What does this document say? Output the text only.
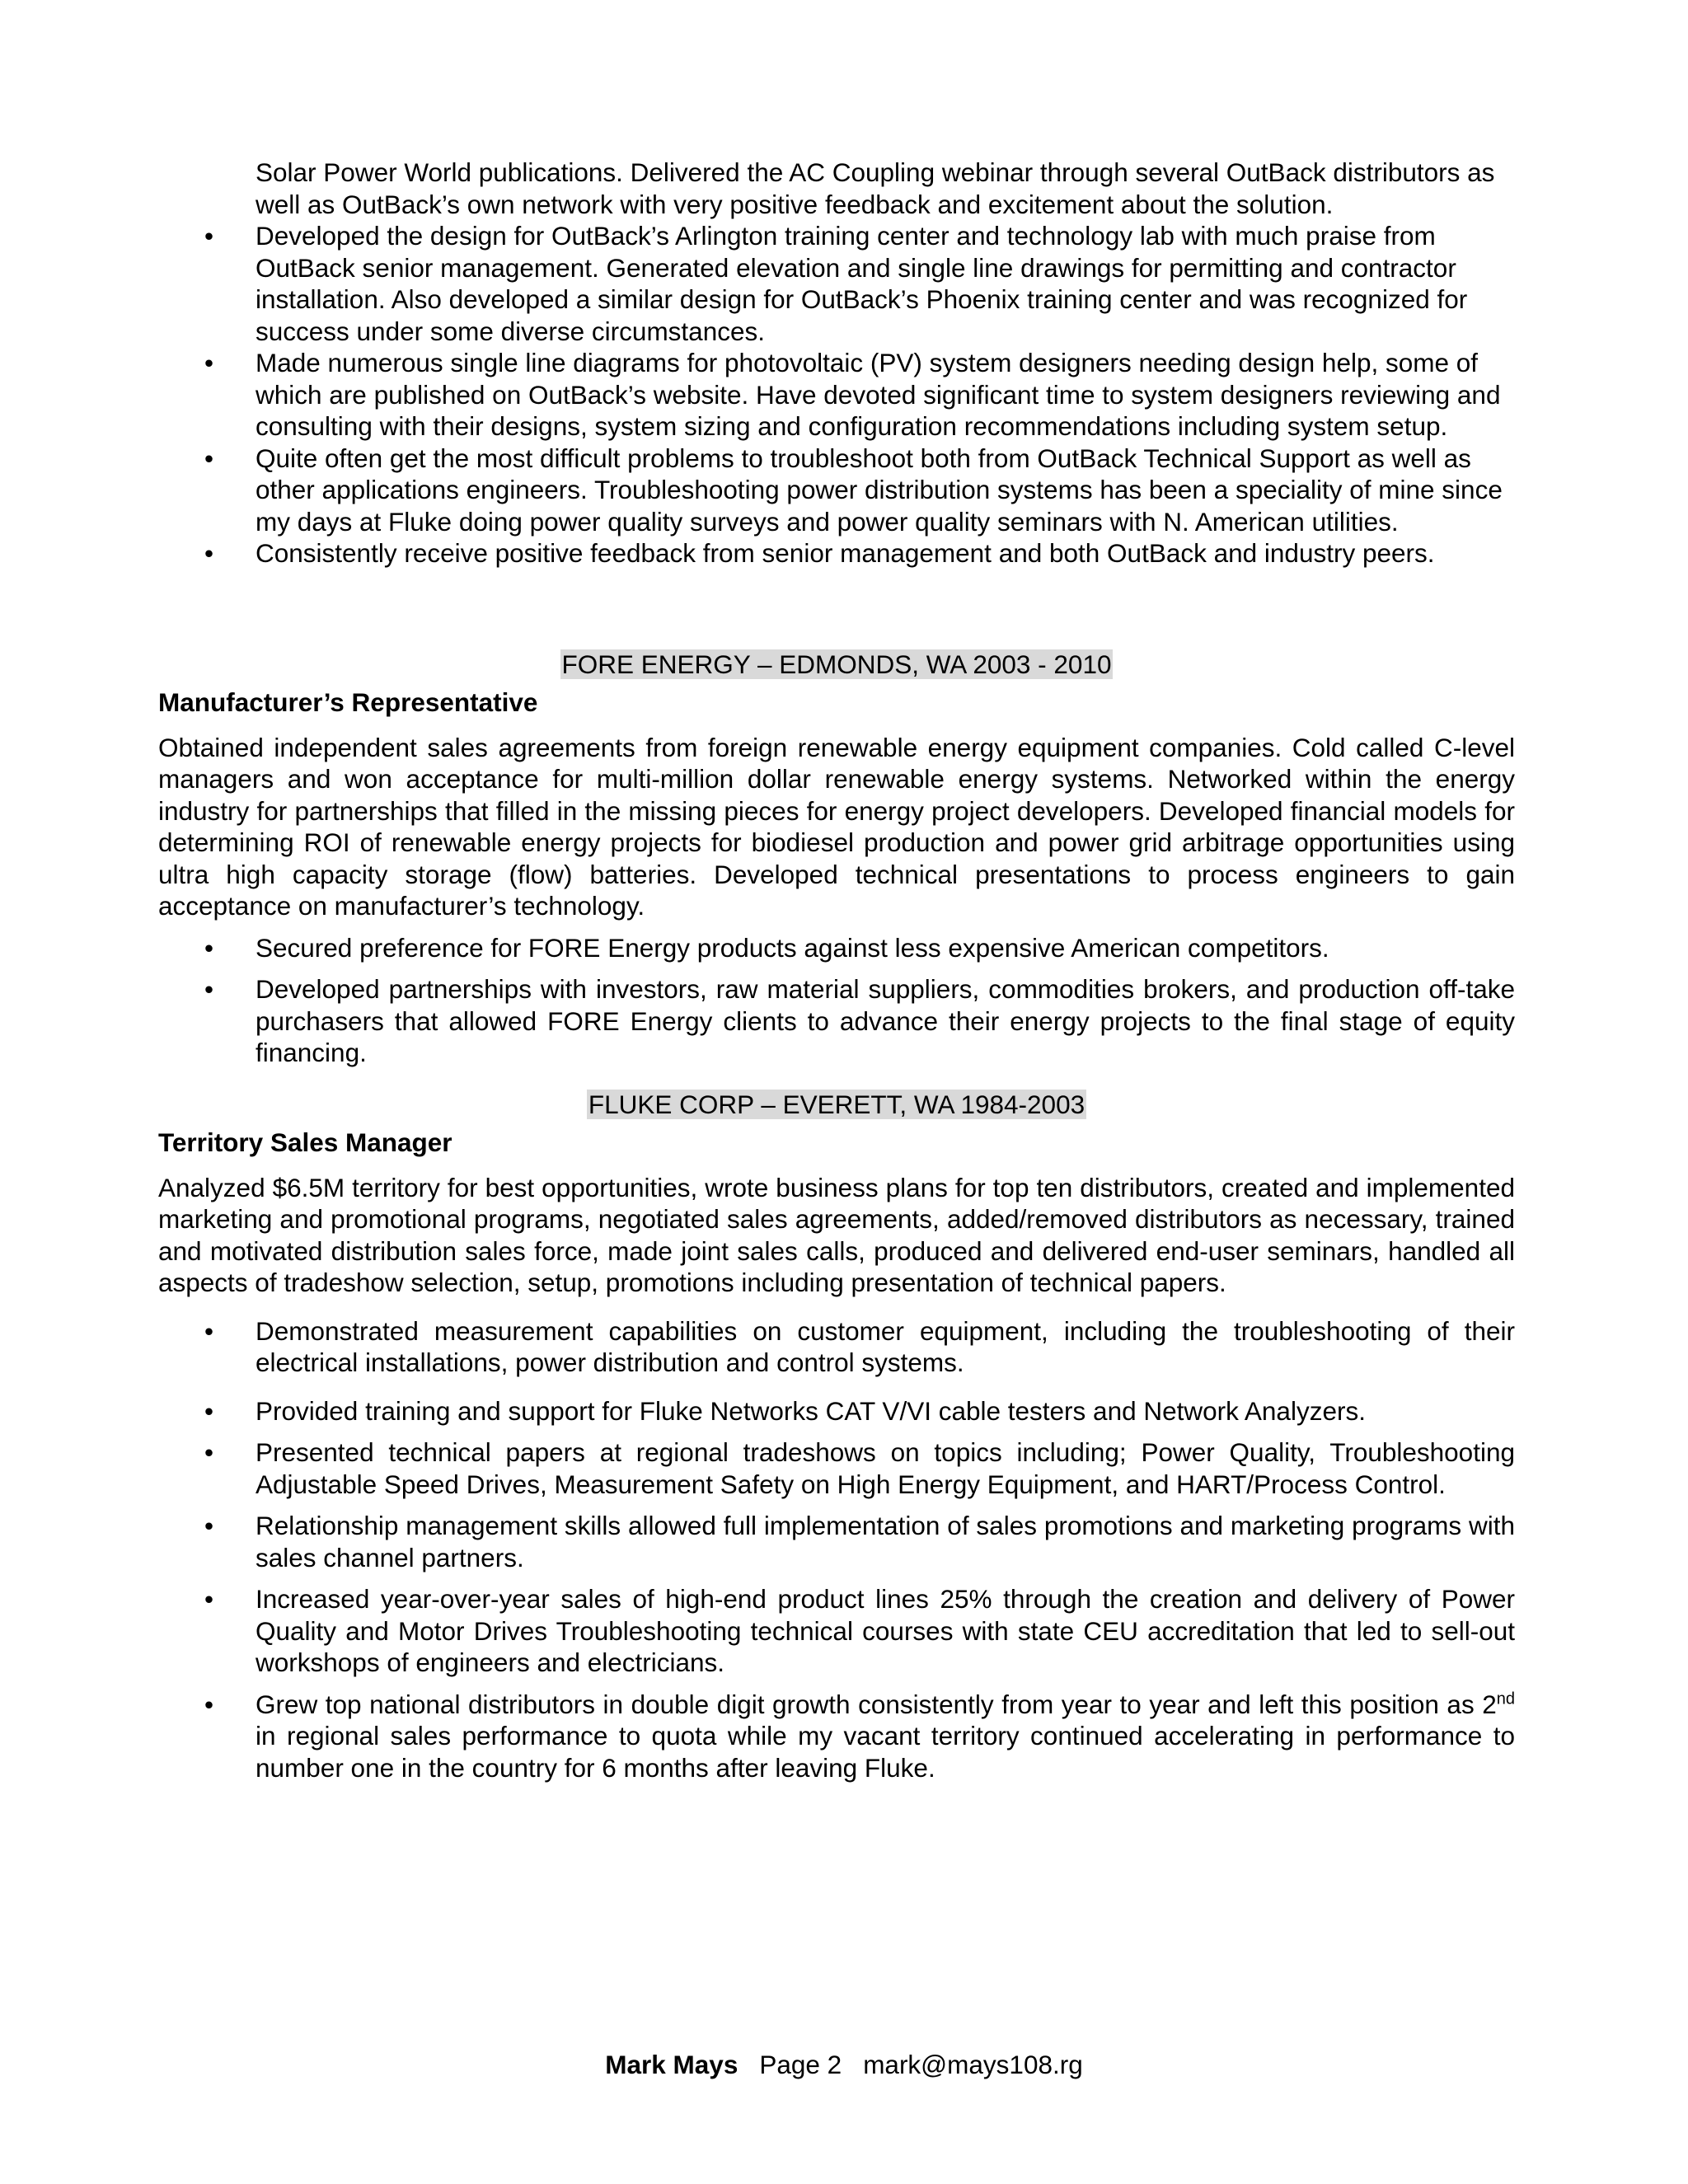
Solar Power World publications. Delivered the AC Coupling webinar through several OutBack distributors as well as OutBack’s own network with very positive feedback and excitement about the solution.
• Developed the design for OutBack’s Arlington training center and technology lab with much praise from OutBack senior management. Generated elevation and single line drawings for permitting and contractor installation. Also developed a similar design for OutBack’s Phoenix training center and was recognized for success under some diverse circumstances.
• Made numerous single line diagrams for photovoltaic (PV) system designers needing design help, some of which are published on OutBack’s website. Have devoted significant time to system designers reviewing and consulting with their designs, system sizing and configuration recommendations including system setup.
• Quite often get the most difficult problems to troubleshoot both from OutBack Technical Support as well as other applications engineers. Troubleshooting power distribution systems has been a speciality of mine since my days at Fluke doing power quality surveys and power quality seminars with N. American utilities.
• Consistently receive positive feedback from senior management and both OutBack and industry peers.
FORE ENERGY – EDMONDS, WA 2003 - 2010
Manufacturer’s Representative
Obtained independent sales agreements from foreign renewable energy equipment companies. Cold called C-level managers and won acceptance for multi-million dollar renewable energy systems. Networked within the energy industry for partnerships that filled in the missing pieces for energy project developers. Developed financial models for determining ROI of renewable energy projects for biodiesel production and power grid arbitrage opportunities using ultra high capacity storage (flow) batteries. Developed technical presentations to process engineers to gain acceptance on manufacturer’s technology.
• Secured preference for FORE Energy products against less expensive American competitors.
• Developed partnerships with investors, raw material suppliers, commodities brokers, and production off-take purchasers that allowed FORE Energy clients to advance their energy projects to the final stage of equity financing.
FLUKE CORP – EVERETT, WA 1984-2003
Territory Sales Manager
Analyzed $6.5M territory for best opportunities, wrote business plans for top ten distributors, created and implemented marketing and promotional programs, negotiated sales agreements, added/removed distributors as necessary, trained and motivated distribution sales force, made joint sales calls, produced and delivered end-user seminars, handled all aspects of tradeshow selection, setup, promotions including presentation of technical papers.
• Demonstrated measurement capabilities on customer equipment, including the troubleshooting of their electrical installations, power distribution and control systems.
• Provided training and support for Fluke Networks CAT V/VI cable testers and Network Analyzers.
• Presented technical papers at regional tradeshows on topics including; Power Quality, Troubleshooting Adjustable Speed Drives, Measurement Safety on High Energy Equipment, and HART/Process Control.
• Relationship management skills allowed full implementation of sales promotions and marketing programs with sales channel partners.
• Increased year-over-year sales of high-end product lines 25% through the creation and delivery of Power Quality and Motor Drives Troubleshooting technical courses with state CEU accreditation that led to sell-out workshops of engineers and electricians.
• Grew top national distributors in double digit growth consistently from year to year and left this position as 2nd in regional sales performance to quota while my vacant territory continued accelerating in performance to number one in the country for 6 months after leaving Fluke.
Mark Mays Page 2 mark@mays108.rg
